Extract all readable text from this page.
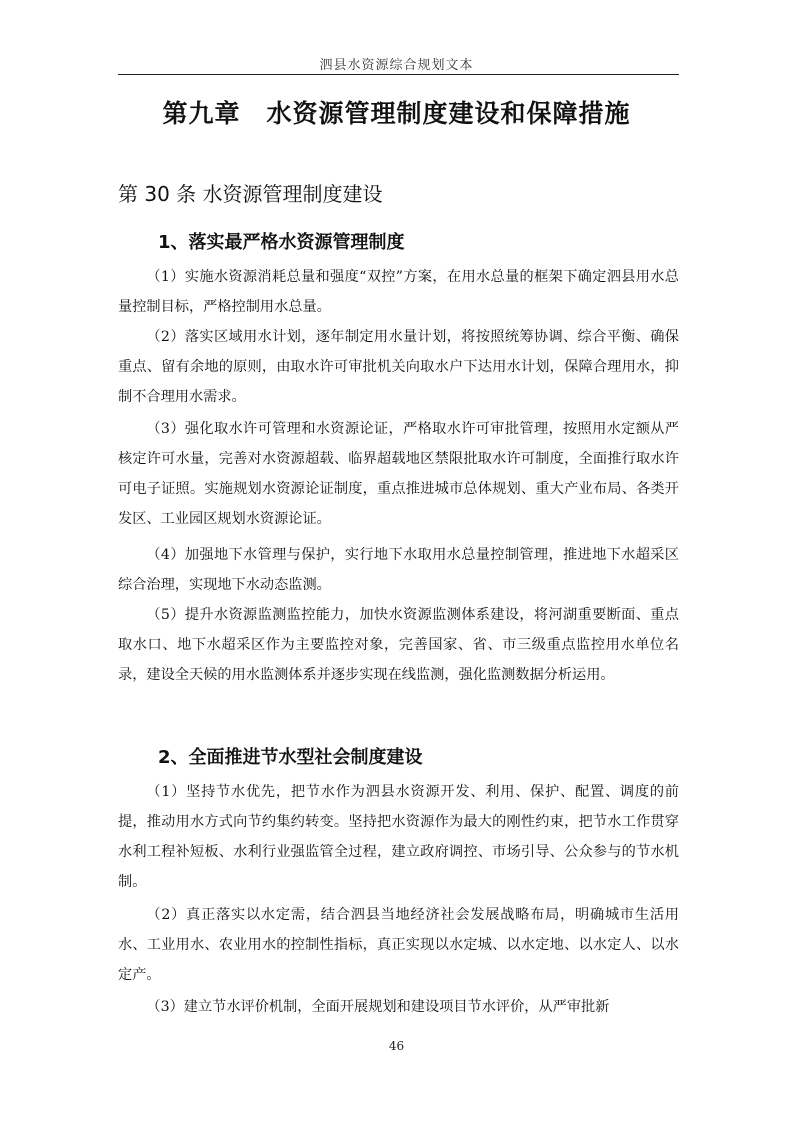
泗县水资源综合规划文本
第九章　水资源管理制度建设和保障措施
第 30 条 水资源管理制度建设
1、落实最严格水资源管理制度

（1）实施水资源消耗总量和强度“双控”方案，在用水总量的框架下确定泗县用水总量控制目标，严格控制用水总量。

（2）落实区域用水计划，逐年制定用水量计划，将按照统筹协调、综合平衡、确保重点、留有余地的原则，由取水许可审批机关向取水户下达用水计划，保障合理用水，抑制不合理用水需求。

（3）强化取水许可管理和水资源论证，严格取水许可审批管理，按照用水定额从严核定许可水量，完善对水资源超载、临界超载地区禁限批取水许可制度，全面推行取水许可电子证照。实施规划水资源论证制度，重点推进城市总体规划、重大产业布局、各类开发区、工业园区规划水资源论证。

（4）加强地下水管理与保护，实行地下水取用水总量控制管理，推进地下水超采区综合治理，实现地下水动态监测。

（5）提升水资源监测监控能力，加快水资源监测体系建设，将河湖重要断面、重点取水口、地下水超采区作为主要监控对象，完善国家、省、市三级重点监控用水单位名录，建设全天候的用水监测体系并逐步实现在线监测，强化监测数据分析运用。

2、全面推进节水型社会制度建设

（1）坚持节水优先，把节水作为泗县水资源开发、利用、保护、配置、调度的前提，推动用水方式向节约集约转变。坚持把水资源作为最大的刚性约束，把节水工作贯穿水利工程补短板、水利行业强监管全过程，建立政府调控、市场引导、公众参与的节水机制。

（2）真正落实以水定需，结合泗县当地经济社会发展战略布局，明确城市生活用水、工业用水、农业用水的控制性指标，真正实现以水定城、以水定地、以水定人、以水定产。

（3）建立节水评价机制，全面开展规划和建设项目节水评价，从严审批新

46
